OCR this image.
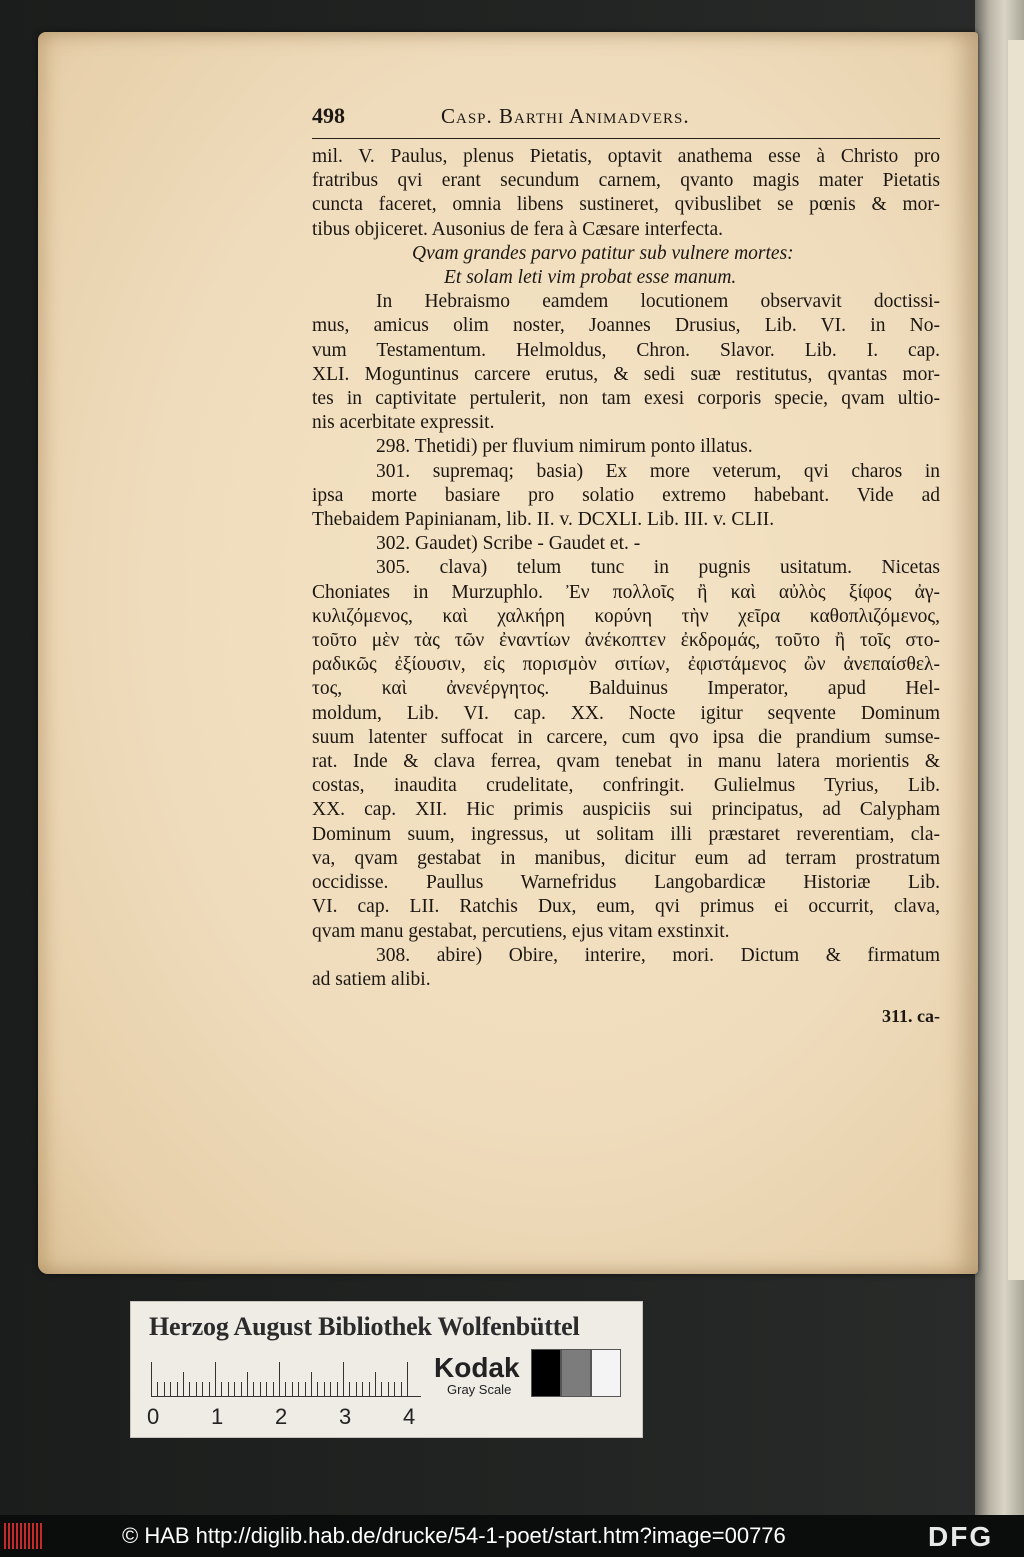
498	Casp. Barthi Animadvers.
mil. V. Paulus, plenus Pietatis, optavit anathema esse à Christo pro
fratribus qvi erant secundum carnem, qvanto magis mater Pietatis
cuncta faceret, omnia libens sustineret, qvibuslibet se pœnis & mor-
tibus objiceret. Ausonius de fera à Cæsare interfecta.
Qvam grandes parvo patitur sub vulnere mortes:
Et solam leti vim probat esse manum.
In Hebraismo eamdem locutionem observavit doctissi-
mus, amicus olim noster, Joannes Drusius, Lib. VI. in No-
vum Testamentum. Helmoldus, Chron. Slavor. Lib. I. cap.
XLI. Moguntinus carcere erutus, & sedi suæ restitutus, qvantas mor-
tes in captivitate pertulerit, non tam exesi corporis specie, qvam ultio-
nis acerbitate expressit.
298. Thetidi) per fluvium nimirum ponto illatus.
301. supremaq; basia) Ex more veterum, qvi charos in
ipsa morte basiare pro solatio extremo habebant. Vide ad
Thebaidem Papinianam, lib. II. v. DCXLI. Lib. III. v. CLII.
302. Gaudet) Scribe - Gaudet et. -
305. clava) telum tunc in pugnis usitatum. Nicetas
Choniates in Murzuphlo. Ἐν πολλοῖς ἢ καὶ αὐλὸς ξίφος ἀγ-
κυλιζόμενος, καὶ χαλκήρη κορύνη τὴν χεῖρα καθοπλιζόμενος,
τοῦτο μὲν τὰς τῶν ἐναντίων ἀνέκοπτεν ἐκδρομάς, τοῦτο ἢ τοῖς στο-
ραδικῶς ἐξίουσιν, εἰς πορισμὸν σιτίων, ἐφιστάμενος ὢν ἀνεπαίσθελ-
τος, καὶ ἀνενέργητος. Balduinus Imperator, apud Hel-
moldum, Lib. VI. cap. XX. Nocte igitur seqvente Dominum
suum latenter suffocat in carcere, cum qvo ipsa die prandium sumse-
rat. Inde & clava ferrea, qvam tenebat in manu latera morientis &
costas, inaudita crudelitate, confringit. Gulielmus Tyrius, Lib.
XX. cap. XII. Hic primis auspiciis sui principatus, ad Calypham
Dominum suum, ingressus, ut solitam illi præstaret reverentiam, cla-
va, qvam gestabat in manibus, dicitur eum ad terram prostratum
occidisse. Paullus Warnefridus Langobardicæ Historiæ Lib.
VI. cap. LII. Ratchis Dux, eum, qvi primus ei occurrit, clava,
qvam manu gestabat, percutiens, ejus vitam exstinxit.
308. abire) Obire, interire, mori. Dictum & firmatum
ad satiem alibi.
311. ca-
Herzog August Bibliothek Wolfenbüttel
0 1 2 3 4
Kodak
Gray Scale
© HAB http://diglib.hab.de/drucke/54-1-poet/start.htm?image=00776	DFG
